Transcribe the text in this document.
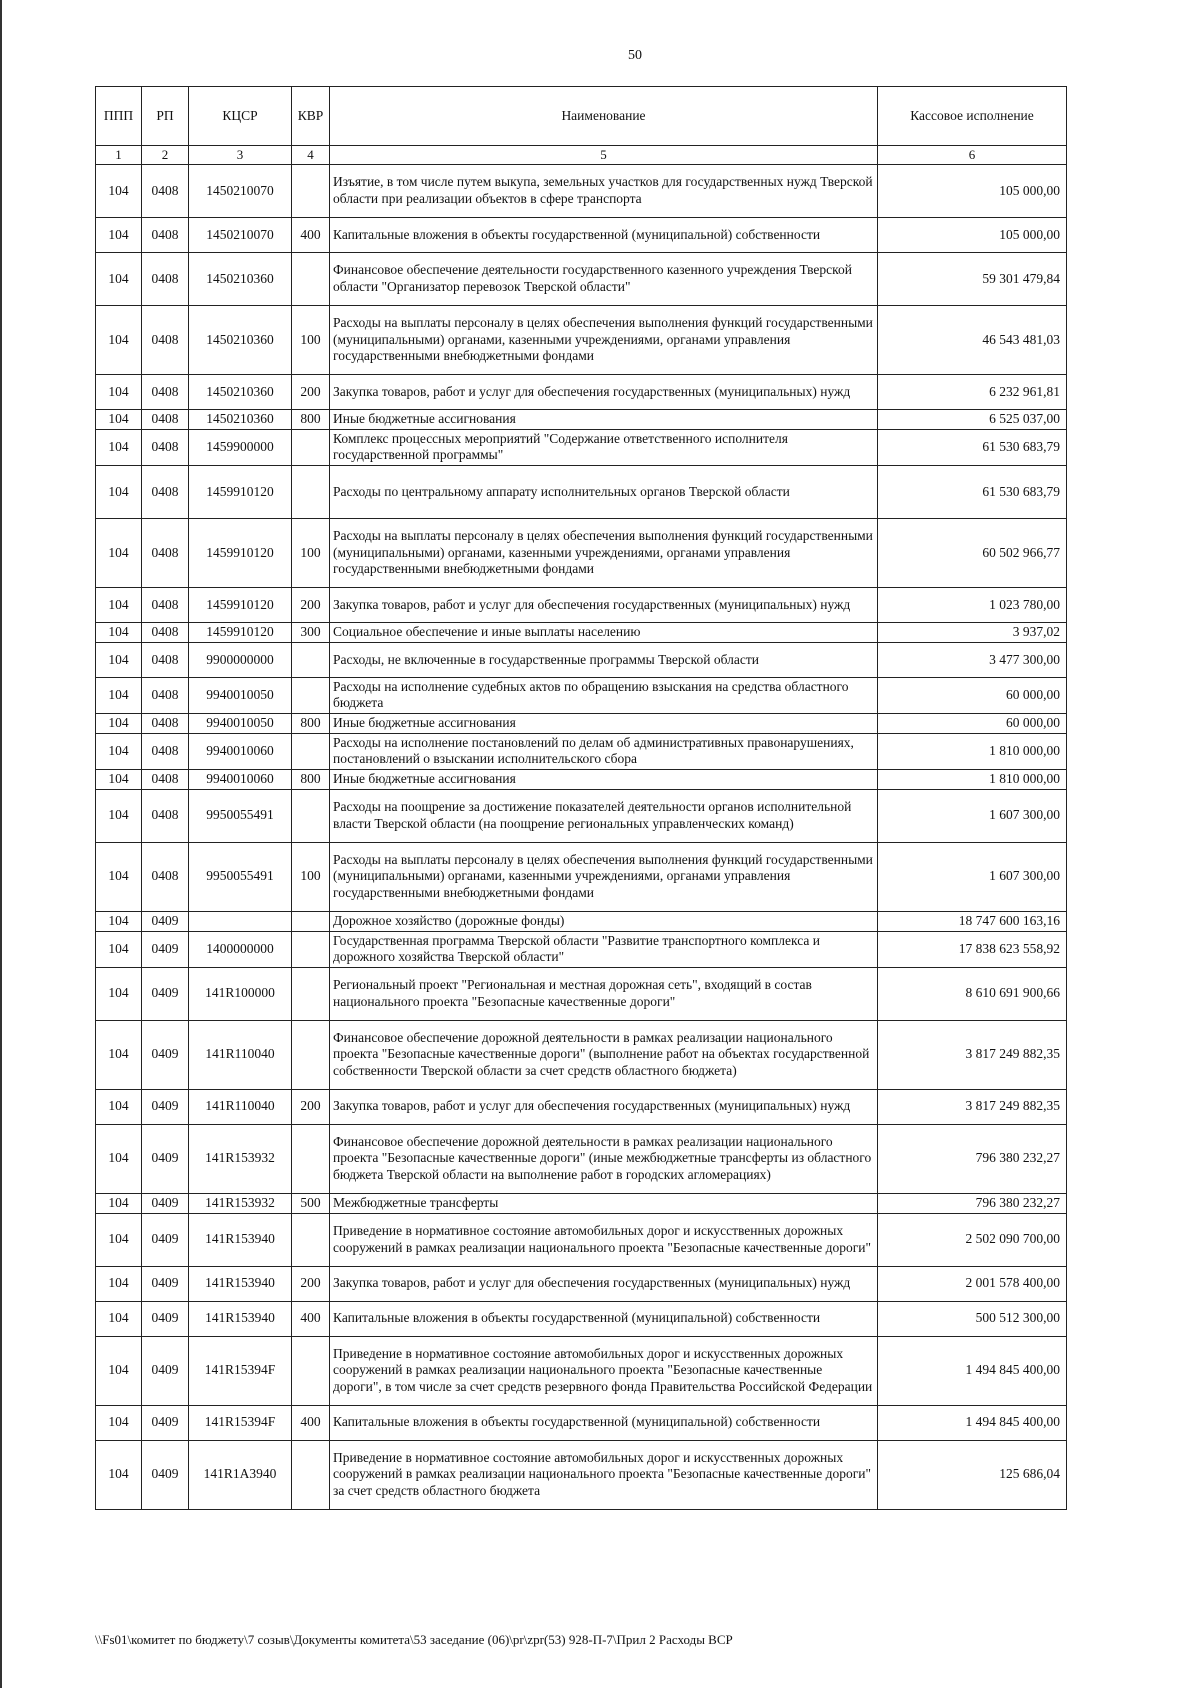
50
ППП	РП	КЦСР	КВР	Наименование	Кассовое исполнение
1	2	3	4	5	6
104	0408	1450210070		Изъятие, в том числе путем выкупа, земельных участков для государственных нужд Тверской области при реализации объектов в сфере транспорта	105 000,00
104	0408	1450210070	400	Капитальные вложения в объекты государственной (муниципальной) собственности	105 000,00
104	0408	1450210360		Финансовое обеспечение деятельности государственного казенного учреждения Тверской области "Организатор перевозок Тверской области"	59 301 479,84
104	0408	1450210360	100	Расходы на выплаты персоналу в целях обеспечения выполнения функций государственными (муниципальными) органами, казенными учреждениями, органами управления государственными внебюджетными фондами	46 543 481,03
104	0408	1450210360	200	Закупка товаров, работ и услуг для обеспечения государственных (муниципальных) нужд	6 232 961,81
104	0408	1450210360	800	Иные бюджетные ассигнования	6 525 037,00
104	0408	1459900000		Комплекс процессных мероприятий "Содержание ответственного исполнителя государственной программы"	61 530 683,79
104	0408	1459910120		Расходы по центральному аппарату исполнительных органов Тверской области	61 530 683,79
104	0408	1459910120	100	Расходы на выплаты персоналу в целях обеспечения выполнения функций государственными (муниципальными) органами, казенными учреждениями, органами управления государственными внебюджетными фондами	60 502 966,77
104	0408	1459910120	200	Закупка товаров, работ и услуг для обеспечения государственных (муниципальных) нужд	1 023 780,00
104	0408	1459910120	300	Социальное обеспечение и иные выплаты населению	3 937,02
104	0408	9900000000		Расходы, не включенные в государственные программы Тверской области	3 477 300,00
104	0408	9940010050		Расходы на исполнение судебных актов по обращению взыскания на средства областного бюджета	60 000,00
104	0408	9940010050	800	Иные бюджетные ассигнования	60 000,00
104	0408	9940010060		Расходы на исполнение постановлений по делам об административных правонарушениях, постановлений о взыскании исполнительского сбора	1 810 000,00
104	0408	9940010060	800	Иные бюджетные ассигнования	1 810 000,00
104	0408	9950055491		Расходы на поощрение за достижение показателей деятельности органов исполнительной власти Тверской области (на поощрение региональных управленческих команд)	1 607 300,00
104	0408	9950055491	100	Расходы на выплаты персоналу в целях обеспечения выполнения функций государственными (муниципальными) органами, казенными учреждениями, органами управления государственными внебюджетными фондами	1 607 300,00
104	0409			Дорожное хозяйство (дорожные фонды)	18 747 600 163,16
104	0409	1400000000		Государственная программа Тверской области "Развитие транспортного комплекса и дорожного хозяйства Тверской области"	17 838 623 558,92
104	0409	141R100000		Региональный проект "Региональная и местная дорожная сеть", входящий в состав национального проекта "Безопасные качественные дороги"	8 610 691 900,66
104	0409	141R110040		Финансовое обеспечение дорожной деятельности в рамках реализации национального проекта "Безопасные качественные дороги" (выполнение работ на объектах государственной собственности Тверской области за счет средств областного бюджета)	3 817 249 882,35
104	0409	141R110040	200	Закупка товаров, работ и услуг для обеспечения государственных (муниципальных) нужд	3 817 249 882,35
104	0409	141R153932		Финансовое обеспечение дорожной деятельности в рамках реализации национального проекта "Безопасные качественные дороги" (иные межбюджетные трансферты из областного бюджета Тверской области на выполнение работ в городских агломерациях)	796 380 232,27
104	0409	141R153932	500	Межбюджетные трансферты	796 380 232,27
104	0409	141R153940		Приведение в нормативное состояние автомобильных дорог и искусственных дорожных сооружений в рамках реализации национального проекта "Безопасные качественные дороги"	2 502 090 700,00
104	0409	141R153940	200	Закупка товаров, работ и услуг для обеспечения государственных (муниципальных) нужд	2 001 578 400,00
104	0409	141R153940	400	Капитальные вложения в объекты государственной (муниципальной) собственности	500 512 300,00
104	0409	141R15394F		Приведение в нормативное состояние автомобильных дорог и искусственных дорожных сооружений в рамках реализации национального проекта "Безопасные качественные дороги", в том числе за счет средств резервного фонда Правительства Российской Федерации	1 494 845 400,00
104	0409	141R15394F	400	Капитальные вложения в объекты государственной (муниципальной) собственности	1 494 845 400,00
104	0409	141R1A3940		Приведение в нормативное состояние автомобильных дорог и искусственных дорожных сооружений в рамках реализации национального проекта "Безопасные качественные дороги" за счет средств областного бюджета	125 686,04
\\Fs01\комитет по бюджету\7 созыв\Документы комитета\53 заседание (06)\pr\zpr(53) 928-П-7\Прил 2 Расходы ВСР
